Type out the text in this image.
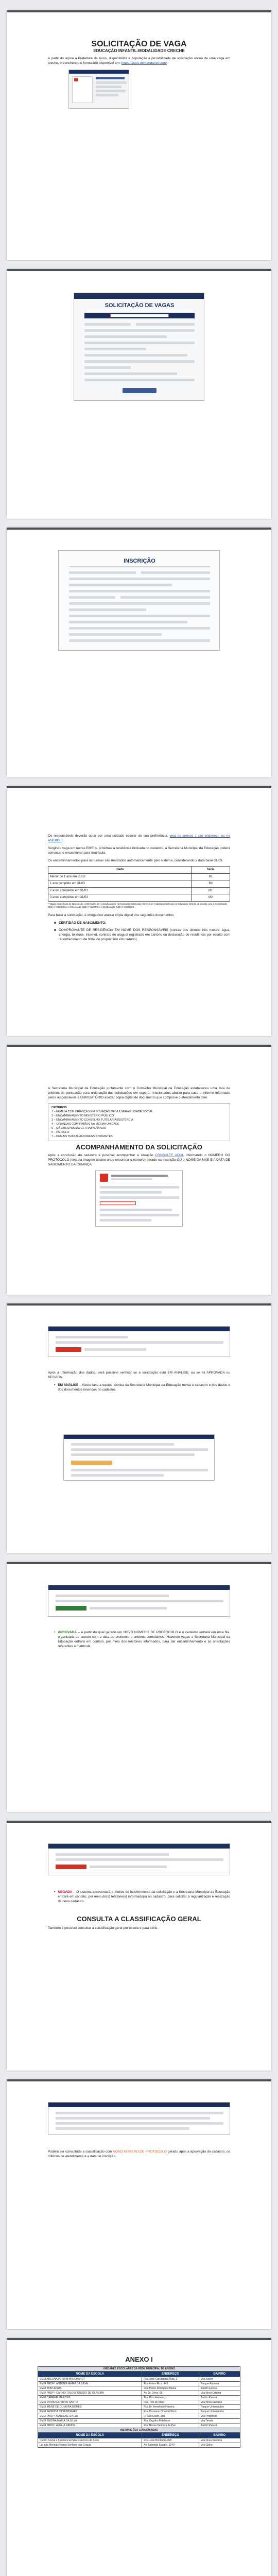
SOLICITAÇÃO DE VAGA
EDUCAÇÃO INFANTIL-MODALIDADE CRECHE

A partir do agora a Prefeitura de Assis, disponibiliza a população a possibilidade de solicitação online de uma vaga em creche, preenchendo o formulário disponível em: https://assis.demandanet.com/

SOLICITAÇÃO DE VAGAS
INSCRIÇÃO

Os responsáveis deverão optar por uma unidade escolar de sua preferência, veja os anexos 1 (ao endereço, ou no ANEXO I).

Surgindo vaga em outras EMEI's, próximas a residência indicada no cadastro, a Secretaria Municipal da Educação poderá convocar o encaminhar para matrícula.

Os encaminhamentos para as turmas são realizados automaticamente pelo sistema, considerando a data base 31/03.

Idade	Série
Menor de 1 ano em 31/03	B1
1 ano completo em 31/03	B2
2 anos completos em 31/03	M1
3 anos completos em 31/03	M2

* Vagas específicas de tipo só são confirmadas em consulta online (período pós-matrícula). Deverá ser realizada matrícula na Educação Infantil, de acordo com a Deliberação CEE nº 189/2019 e a Resolução CNE nº 05/2009 e a Deliberação CEE nº 216/2023.

Para fazer a solicitação, é obrigatório anexar cópia digital dos seguintes documentos:

■ CERTIDÃO DE NASCIMENTO;
■ COMPROVANTE DE RESIDÊNCIA EM NOME DOS RESPONSÁVEIS (contas dos últimos três meses: água, energia, telefone, internet, contrato de aluguel registrado em cartório ou declaração de residência por escrito com reconhecimento de firma do proprietário em cartório).

A Secretaria Municipal da Educação juntamente com o Conselho Municipal da Educação estabeleceu uma lista de critérios de pontuação para ordenação das solicitações em espera, relacionados abaixo para caso o informe informado pelos responsáveis e OBRIGATÓRIO anexar cópia digital de documento que comprove o atendimento dele.

CRITÉRIOS
1 – FAMÍLIA COM CRIANÇAS EM SITUAÇÃO DE VULNERABILIDADE SOCIAL
2 – ENCAMINHAMENTO MINISTÉRIO PÚBLICO
3 – ENCAMINHAMENTO CONSELHO TUTELAR/ASSISTÊNCIA
4 – CRIANÇAS COM IRMÃOS NA MESMA UNIDADE
5 – MÃE/RESPONSÁVEL TRABALHANDO
6 – PAI SOLO
7 – DEMAIS TRABALHADORES/ESTUDANTES
ACOMPANHAMENTO DA SOLICITAÇÃO

Após a conclusão do cadastro é possível acompanhar a situação CONSULTE AQUI, informando o NÚMERO DO PROTOCOLO (veja na imagem abaixo onde encontrar o número) gerado na inscrição OU o NOME DA MÃE E A DATA DE NASCIMENTO DA CRIANÇA.

Após a informação dos dados, será possível verificar se a solicitação está EM ANÁLISE, ou se foi APROVADA ou NEGADA.

• EM ANÁLISE – Neste fase a equipe técnica da Secretaria Municipal da Educação revisa o cadastro e dos dados e dos documentos inseridos no cadastro.
• APROVADA – A partir do qual gerado um NOVO NÚMERO DE PROTOCOLO e o cadastro entrará em uma fila, organizada de acordo com a data do protocolo e critérios cumulativos. Havendo vagas a Secretaria Municipal da Educação entrará em contato, por meio dos telefones informados, para dar encaminhamento e as orientações referentes a matrícula.
• NEGADA – O sistema apresentará o motivo do indeferimento da solicitação e a Secretaria Municipal da Educação entrará em contato, por meio do(s) telefone(s) informado(s) no cadastro, para solicitar a regularização e realização de novo cadastro.
CONSULTA A CLASSIFICAÇÃO GERAL

Também é possível consultar a classificação geral por escola e para série.

Poderá ser consultada a classificação com NOVO NÚMERO DE PROTOCOLO gerado após a aprovação do cadastro, os critérios de atendimento e a data de inscrição.

ANEXO I
UNIDADES ESCOLARES DA REDE MUNICIPAL DE ENSINO		
NOME DA ESCOLA	ENDEREÇO	BAIRRO
EMEI ADELINA PETRINI BRUCHARDT	Rua José Carrascosa Ruiz, 1	Vila Xavier
EMEI PROFª. ANTONIA MARIA DA SILVA	Rua Anisio Rizzi, 445	Parque Fabiana
EMEI BOM JESUS	Rua Pedro Rodrigues Muniz	Jardim Europa
EMEI PROFª. CARMO TOLOSI TOLEDO DE OLIVEIRA	Av. Dr. Dória, 85	Vila Nova Cristina
EMEI CARMEM MARTINS	Rua Dom Antonio, 1	Jardim Paraná
EMEI DIVINO ESPÍRITO SANTO	Rua Três de Maio	Vila Nova Santana
EMEI IRENE DE OLIVEIRA GOMES	Rua Dr. Armelindo Ferreira	Parque Universitário
EMEI PATRÍCIA SILVA MORAES	Rua Cassiano Orlando Pinto	Parque Universitário
EMEI PROFª. MARLENE DA LUZ	R. São Cristo, 280	Vila Progresso
EMEI REGINA MARIA DA SILVA	Rua Orgulho Fidelense	Vila Tenete
EMEI PROFª. ADÉLIA RAMOS	Rua Nossa Senhora da Paz	Jardim Paraná
INSTITUIÇÕES CONVENIADAS		
NOME DA ESCOLA	ENDEREÇO	BAIRRO
Centro Social e Assistencial São Francisco de Assis	Rua José Bonifácio, 820	Vila Nova Santana
Lar das Meninas Nossa Senhora das Graças	Av. Salomão Sauglio, 1140	Vila Glória
